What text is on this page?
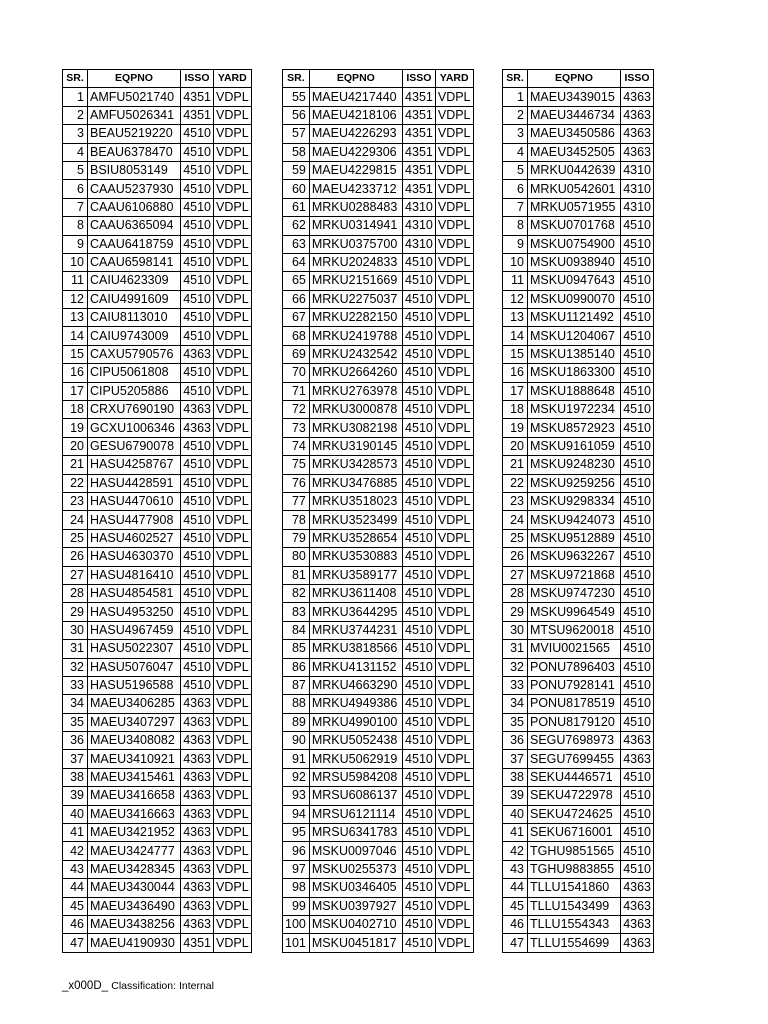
SR.	EQPNO	ISSO	YARD
1	AMFU5021740	4351	VDPL
2	AMFU5026341	4351	VDPL
3	BEAU5219220	4510	VDPL
4	BEAU6378470	4510	VDPL
5	BSIU8053149	4510	VDPL
6	CAAU5237930	4510	VDPL
7	CAAU6106880	4510	VDPL
8	CAAU6365094	4510	VDPL
9	CAAU6418759	4510	VDPL
10	CAAU6598141	4510	VDPL
11	CAIU4623309	4510	VDPL
12	CAIU4991609	4510	VDPL
13	CAIU8113010	4510	VDPL
14	CAIU9743009	4510	VDPL
15	CAXU5790576	4363	VDPL
16	CIPU5061808	4510	VDPL
17	CIPU5205886	4510	VDPL
18	CRXU7690190	4363	VDPL
19	GCXU1006346	4363	VDPL
20	GESU6790078	4510	VDPL
21	HASU4258767	4510	VDPL
22	HASU4428591	4510	VDPL
23	HASU4470610	4510	VDPL
24	HASU4477908	4510	VDPL
25	HASU4602527	4510	VDPL
26	HASU4630370	4510	VDPL
27	HASU4816410	4510	VDPL
28	HASU4854581	4510	VDPL
29	HASU4953250	4510	VDPL
30	HASU4967459	4510	VDPL
31	HASU5022307	4510	VDPL
32	HASU5076047	4510	VDPL
33	HASU5196588	4510	VDPL
34	MAEU3406285	4363	VDPL
35	MAEU3407297	4363	VDPL
36	MAEU3408082	4363	VDPL
37	MAEU3410921	4363	VDPL
38	MAEU3415461	4363	VDPL
39	MAEU3416658	4363	VDPL
40	MAEU3416663	4363	VDPL
41	MAEU3421952	4363	VDPL
42	MAEU3424777	4363	VDPL
43	MAEU3428345	4363	VDPL
44	MAEU3430044	4363	VDPL
45	MAEU3436490	4363	VDPL
46	MAEU3438256	4363	VDPL
47	MAEU4190930	4351	VDPL
SR.	EQPNO	ISSO	YARD
55	MAEU4217440	4351	VDPL
56	MAEU4218106	4351	VDPL
57	MAEU4226293	4351	VDPL
58	MAEU4229306	4351	VDPL
59	MAEU4229815	4351	VDPL
60	MAEU4233712	4351	VDPL
61	MRKU0288483	4310	VDPL
62	MRKU0314941	4310	VDPL
63	MRKU0375700	4310	VDPL
64	MRKU2024833	4510	VDPL
65	MRKU2151669	4510	VDPL
66	MRKU2275037	4510	VDPL
67	MRKU2282150	4510	VDPL
68	MRKU2419788	4510	VDPL
69	MRKU2432542	4510	VDPL
70	MRKU2664260	4510	VDPL
71	MRKU2763978	4510	VDPL
72	MRKU3000878	4510	VDPL
73	MRKU3082198	4510	VDPL
74	MRKU3190145	4510	VDPL
75	MRKU3428573	4510	VDPL
76	MRKU3476885	4510	VDPL
77	MRKU3518023	4510	VDPL
78	MRKU3523499	4510	VDPL
79	MRKU3528654	4510	VDPL
80	MRKU3530883	4510	VDPL
81	MRKU3589177	4510	VDPL
82	MRKU3611408	4510	VDPL
83	MRKU3644295	4510	VDPL
84	MRKU3744231	4510	VDPL
85	MRKU3818566	4510	VDPL
86	MRKU4131152	4510	VDPL
87	MRKU4663290	4510	VDPL
88	MRKU4949386	4510	VDPL
89	MRKU4990100	4510	VDPL
90	MRKU5052438	4510	VDPL
91	MRKU5062919	4510	VDPL
92	MRSU5984208	4510	VDPL
93	MRSU6086137	4510	VDPL
94	MRSU6121114	4510	VDPL
95	MRSU6341783	4510	VDPL
96	MSKU0097046	4510	VDPL
97	MSKU0255373	4510	VDPL
98	MSKU0346405	4510	VDPL
99	MSKU0397927	4510	VDPL
100	MSKU0402710	4510	VDPL
101	MSKU0451817	4510	VDPL
SR.	EQPNO	ISSO
1	MAEU3439015	4363
2	MAEU3446734	4363
3	MAEU3450586	4363
4	MAEU3452505	4363
5	MRKU0442639	4310
6	MRKU0542601	4310
7	MRKU0571955	4310
8	MSKU0701768	4510
9	MSKU0754900	4510
10	MSKU0938940	4510
11	MSKU0947643	4510
12	MSKU0990070	4510
13	MSKU1121492	4510
14	MSKU1204067	4510
15	MSKU1385140	4510
16	MSKU1863300	4510
17	MSKU1888648	4510
18	MSKU1972234	4510
19	MSKU8572923	4510
20	MSKU9161059	4510
21	MSKU9248230	4510
22	MSKU9259256	4510
23	MSKU9298334	4510
24	MSKU9424073	4510
25	MSKU9512889	4510
26	MSKU9632267	4510
27	MSKU9721868	4510
28	MSKU9747230	4510
29	MSKU9964549	4510
30	MTSU9620018	4510
31	MVIU0021565	4510
32	PONU7896403	4510
33	PONU7928141	4510
34	PONU8178519	4510
35	PONU8179120	4510
36	SEGU7698973	4363
37	SEGU7699455	4363
38	SEKU4446571	4510
39	SEKU4722978	4510
40	SEKU4724625	4510
41	SEKU6716001	4510
42	TGHU9851565	4510
43	TGHU9883855	4510
44	TLLU1541860	4363
45	TLLU1543499	4363
46	TLLU1554343	4363
47	TLLU1554699	4363
_x000D_ Classification: Internal
